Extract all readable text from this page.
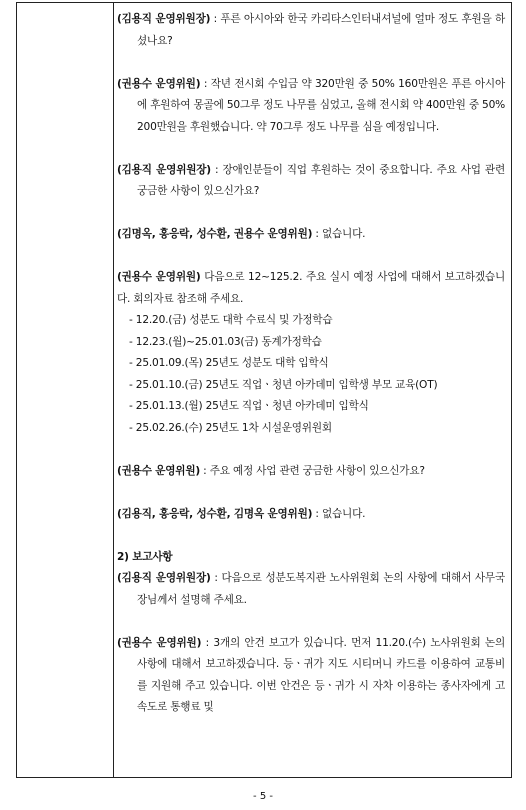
(김용직 운영위원장) : 푸른 아시아와 한국 카리타스인터내셔널에 얼마 정도 후원을 하셨나요?

(권용수 운영위원) : 작년 전시회 수입금 약 320만원 중 50% 160만원은 푸른 아시아에 후원하여 몽골에 50그루 정도 나무를 심었고, 올해 전시회 약 400만원 중 50% 200만원을 후원했습니다. 약 70그루 정도 나무를 심을 예정입니다.

(김용직 운영위원장) : 장애인분들이 직업 후원하는 것이 중요합니다. 주요 사업 관련 궁금한 사항이 있으신가요?

(김명옥, 홍응락, 성수환, 권용수 운영위원) : 없습니다.

(권용수 운영위원) 다음으로 12~125.2. 주요 실시 예정 사업에 대해서 보고하겠습니다. 회의자료 참조해 주세요.

- 12.20.(금) 성분도 대학 수료식 및 가정학습

- 12.23.(월)~25.01.03(금) 동계가정학습

- 25.01.09.(목) 25년도 성분도 대학 입학식

- 25.01.10.(금) 25년도 직업ㆍ청년 아카데미 입학생 부모 교육(OT)

- 25.01.13.(월) 25년도 직업ㆍ청년 아카데미 입학식

- 25.02.26.(수) 25년도 1차 시설운영위원회

(권용수 운영위원) : 주요 예정 사업 관련 궁금한 사항이 있으신가요?

(김용직, 홍응락, 성수환, 김명옥 운영위원) : 없습니다.

2) 보고사항

(김용직 운영위원장) : 다음으로 성분도복지관 노사위원회 논의 사항에 대해서 사무국장님께서 설명해 주세요.

(권용수 운영위원) : 3개의 안건 보고가 있습니다. 먼저 11.20.(수) 노사위원회 논의 사항에 대해서 보고하겠습니다. 등ㆍ귀가 지도 시티머니 카드를 이용하여 교통비를 지원해 주고 있습니다. 이번 안건은 등ㆍ귀가 시 자차 이용하는 종사자에게 고속도로 통행료 및

- 5 -
